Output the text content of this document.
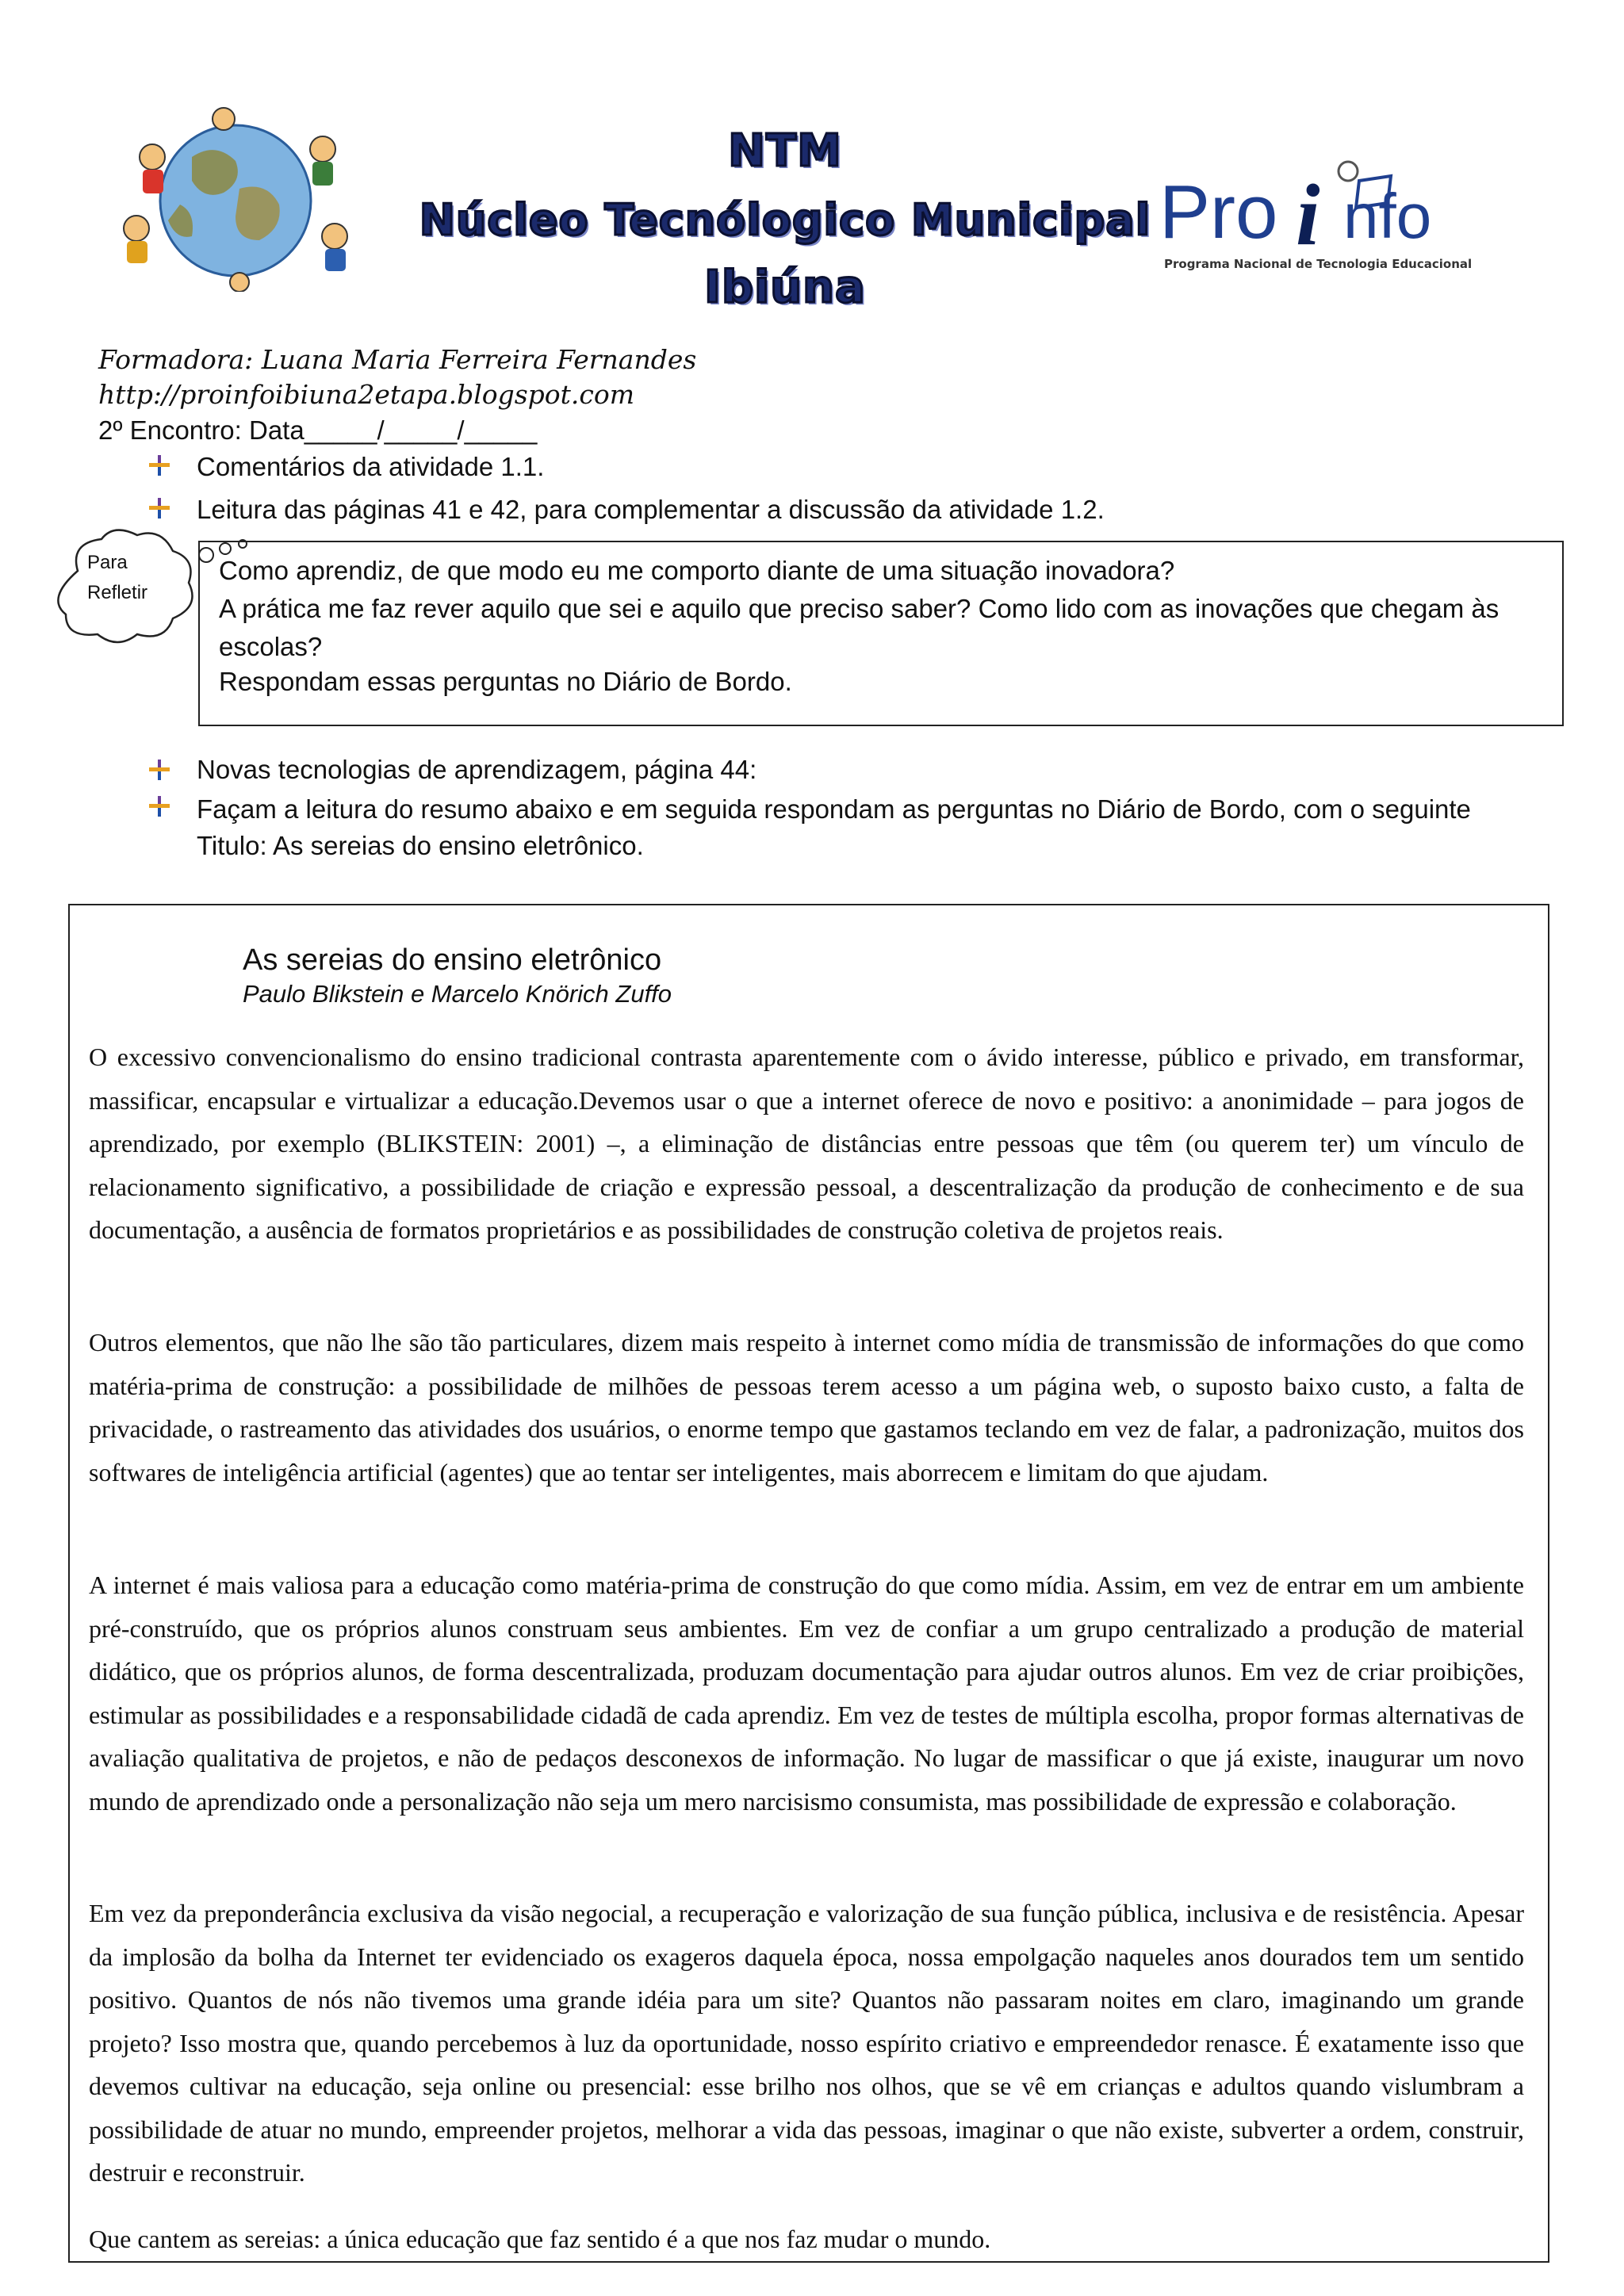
NTM
Núcleo Tecnólogico Municipal
Ibiúna
Pro i nfo
Programa Nacional de Tecnologia Educacional
Formadora: Luana Maria Ferreira Fernandes
http://proinfoibiuna2etapa.blogspot.com
2º Encontro: Data_____/_____/_____
Comentários da atividade 1.1.
Leitura das páginas 41 e 42, para complementar a discussão da atividade 1.2.
Para
Refletir
Como aprendiz, de que modo eu me comporto diante de uma situação inovadora?
A prática me faz rever aquilo que sei e aquilo que preciso saber? Como lido com as inovações que chegam às escolas?
Respondam essas perguntas no Diário de Bordo.
Novas tecnologias de aprendizagem, página 44:
Façam a leitura do resumo abaixo e em seguida respondam as perguntas no Diário de Bordo, com o seguinte Titulo: As sereias do ensino eletrônico.
As sereias do ensino eletrônico
Paulo Blikstein e Marcelo Knörich Zuffo
O excessivo convencionalismo do ensino tradicional contrasta aparentemente com o ávido interesse, público e privado, em transformar, massificar, encapsular e virtualizar a educação.Devemos usar o que a internet oferece de novo e positivo: a anonimidade – para jogos de aprendizado, por exemplo (BLIKSTEIN: 2001) –, a eliminação de distâncias entre pessoas que têm (ou querem ter) um vínculo de relacionamento significativo, a possibilidade de criação e expressão pessoal, a descentralização da produção de conhecimento e de sua documentação, a ausência de formatos proprietários e as possibilidades de construção coletiva de projetos reais.
Outros elementos, que não lhe são tão particulares, dizem mais respeito à internet como mídia de transmissão de informações do que como matéria-prima de construção: a possibilidade de milhões de pessoas terem acesso a um página web, o suposto baixo custo, a falta de privacidade, o rastreamento das atividades dos usuários, o enorme tempo que gastamos teclando em vez de falar, a padronização, muitos dos softwares de inteligência artificial (agentes) que ao tentar ser inteligentes, mais aborrecem e limitam do que ajudam.
A internet é mais valiosa para a educação como matéria-prima de construção do que como mídia. Assim, em vez de entrar em um ambiente pré-construído, que os próprios alunos construam seus ambientes. Em vez de confiar a um grupo centralizado a produção de material didático, que os próprios alunos, de forma descentralizada, produzam documentação para ajudar outros alunos. Em vez de criar proibições, estimular as possibilidades e a responsabilidade cidadã de cada aprendiz. Em vez de testes de múltipla escolha, propor formas alternativas de avaliação qualitativa de projetos, e não de pedaços desconexos de informação. No lugar de massificar o que já existe, inaugurar um novo mundo de aprendizado onde a personalização não seja um mero narcisismo consumista, mas possibilidade de expressão e colaboração.
Em vez da preponderância exclusiva da visão negocial, a recuperação e valorização de sua função pública, inclusiva e de resistência. Apesar da implosão da bolha da Internet ter evidenciado os exageros daquela época, nossa empolgação naqueles anos dourados tem um sentido positivo. Quantos de nós não tivemos uma grande idéia para um site? Quantos não passaram noites em claro, imaginando um grande projeto? Isso mostra que, quando percebemos à luz da oportunidade, nosso espírito criativo e empreendedor renasce. É exatamente isso que devemos cultivar na educação, seja online ou presencial: esse brilho nos olhos, que se vê em crianças e adultos quando vislumbram a possibilidade de atuar no mundo, empreender projetos, melhorar a vida das pessoas, imaginar o que não existe, subverter a ordem, construir, destruir e reconstruir.
Que cantem as sereias: a única educação que faz sentido é a que nos faz mudar o mundo.
